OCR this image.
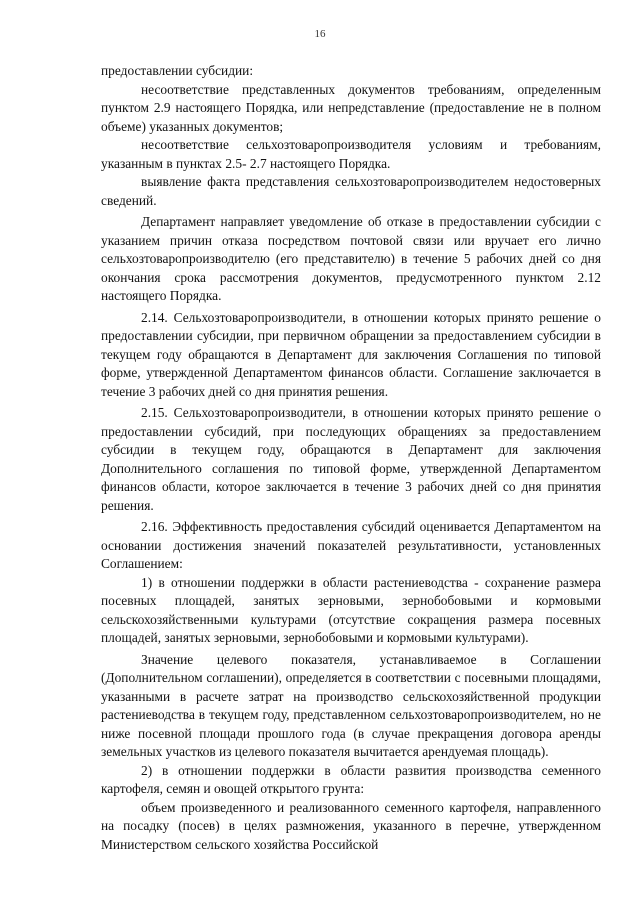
16

предоставлении субсидии:

несоответствие представленных документов требованиям, определенным пунктом 2.9 настоящего Порядка, или непредставление (предоставление не в полном объеме) указанных документов;

несоответствие сельхозтоваропроизводителя условиям и требованиям, указанным в пунктах 2.5- 2.7 настоящего Порядка.

выявление факта представления сельхозтоваропроизводителем недостоверных сведений.

Департамент направляет уведомление об отказе в предоставлении субсидии с указанием причин отказа посредством почтовой связи или вручает его лично сельхозтоваропроизводителю (его представителю) в течение 5 рабочих дней со дня окончания срока рассмотрения документов, предусмотренного пунктом 2.12 настоящего Порядка.

2.14. Сельхозтоваропроизводители, в отношении которых принято решение о предоставлении субсидии, при первичном обращении за предоставлением субсидии в текущем году обращаются в Департамент для заключения Соглашения по типовой форме, утвержденной Департаментом финансов области. Соглашение заключается в течение 3 рабочих дней со дня принятия решения.

2.15. Сельхозтоваропроизводители, в отношении которых принято решение о предоставлении субсидий, при последующих обращениях за предоставлением субсидии в текущем году, обращаются в Департамент для заключения Дополнительного соглашения по типовой форме, утвержденной Департаментом финансов области, которое заключается в течение 3 рабочих дней со дня принятия решения.

2.16. Эффективность предоставления субсидий оценивается Департаментом на основании достижения значений показателей результативности, установленных Соглашением:

1) в отношении поддержки в области растениеводства - сохранение размера посевных площадей, занятых зерновыми, зернобобовыми и кормовыми сельскохозяйственными культурами (отсутствие сокращения размера посевных площадей, занятых зерновыми, зернобобовыми и кормовыми культурами).

Значение целевого показателя, устанавливаемое в Соглашении (Дополнительном соглашении), определяется в соответствии с посевными площадями, указанными в расчете затрат на производство сельскохозяйственной продукции растениеводства в текущем году, представленном сельхозтоваропроизводителем, но не ниже посевной площади прошлого года (в случае прекращения договора аренды земельных участков из целевого показателя вычитается арендуемая площадь).

2) в отношении поддержки в области развития производства семенного картофеля, семян и овощей открытого грунта:

объем произведенного и реализованного семенного картофеля, направленного на посадку (посев) в целях размножения, указанного в перечне, утвержденном Министерством сельского хозяйства Российской
